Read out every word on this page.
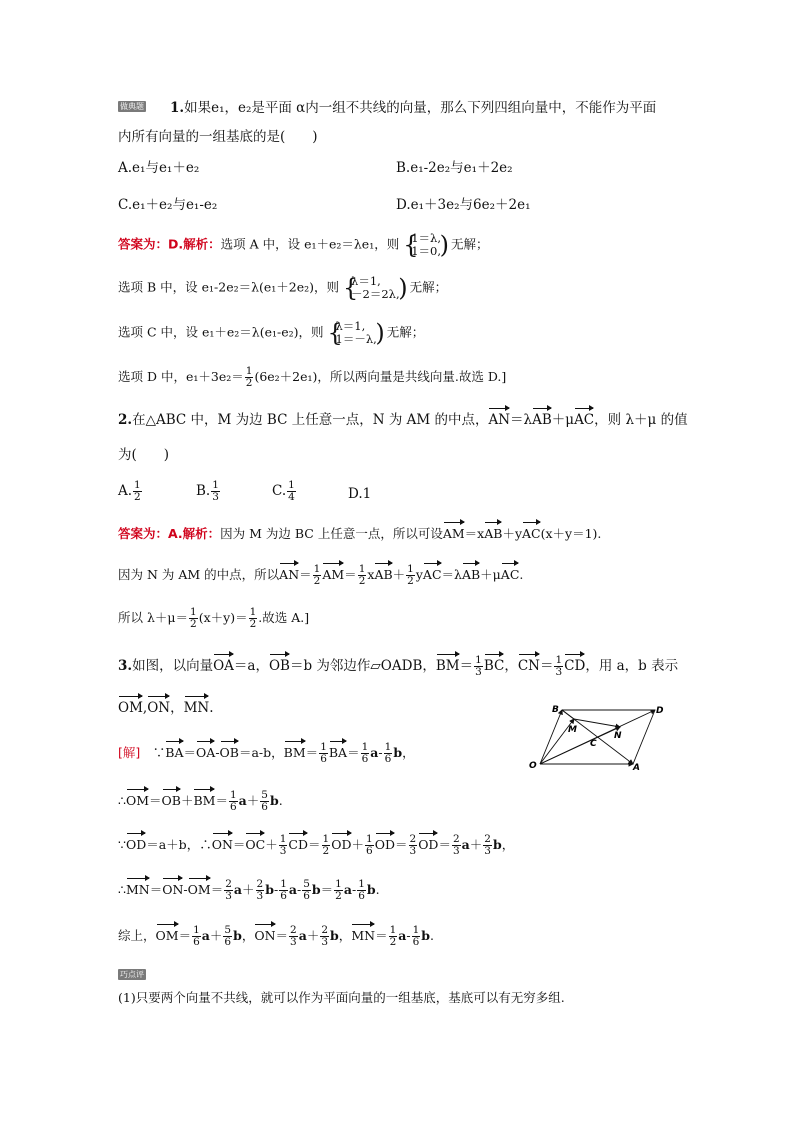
做典题 1.如果e₁，e₂是平面 α内一组不共线的向量，那么下列四组向量中，不能作为平面
内所有向量的一组基底的是(　　)
A.e₁与e₁＋e₂	B.e₁-2e₂与e₁＋2e₂
C.e₁＋e₂与e₁-e₂	D.e₁＋3e₂与6e₂＋2e₁
答案为：D.解析：选项 A 中，设 e₁＋e₂＝λe₁，则 { 1＝λ,
1＝0,
) 无解；
选项 B 中，设 e₁-2e₂＝λ(e₁＋2e₂)，则 { λ＝1,
－2＝2λ,
) 无解；
选项 C 中，设 e₁＋e₂＝λ(e₁-e₂)，则 { λ＝1,
1＝－λ,
) 无解；
选项 D 中，$e_1+3e_2= \frac{1}{2} (6e_2+2e_1)$，所以两向量是共线向量.故选 D.]
2.在△ABC 中，M 为边 BC 上任意一点，N 为 AM 的中点，AN＝λAB＋μAC，则 λ＋μ 的值
为(　　)
A. $\frac{1}{2}$	B. $\frac{1}{3}$	C. $\frac{1}{4}$	D.1
答案为：A.解析：因为 M 为边 BC 上任意一点，所以可设AM＝xAB＋yAC(x＋y＝1).
因为 N 为 AM 的中点，所以$AN= \frac{1}{2} AM= \frac{1}{2} xAB+ \frac{1}{2} yAC=\lambda AB+\mu AC$.
所以 $\lambda+\mu= \frac{1}{2} (x+y)= \frac{1}{2}$ .故选 A.]
3.如图，以向量OA＝a，OB＝b 为邻边作▱OADB，$BM= \frac{1}{3}$ BC，$CN= \frac{1}{3}$ CD，用 a，b 表示
OM,ON，MN.	B	D
M
N
C
O	A
[解]　 ∵BA＝OA-OB＝a-b，$BM= \frac{1}{6} BA= \frac{1}{6} a- \frac{1}{6}$ b，
∴OM＝OB＋BM＝ $\frac{1}{6} a+ \frac{5}{6} b$.
∵OD＝a＋b，∴ON＝OC＋ $\frac{1}{3} CD= \frac{1}{2} OD+ \frac{1}{6} OD= \frac{2}{3} OD= \frac{2}{3} a+ \frac{2}{3}$ b，
∴MN＝ON-OM＝ $\frac{2}{3} a+ \frac{2}{3} b- \frac{1}{6} a- \frac{5}{6} b= \frac{1}{2} a- \frac{1}{6} b$.
综上，$OM= \frac{1}{6} a+ \frac{5}{6}$ b，$ON= \frac{2}{3} a+ \frac{2}{3}$ b，$MN= \frac{1}{2} a- \frac{1}{6} b$.
巧点评
(1)只要两个向量不共线，就可以作为平面向量的一组基底，基底可以有无穷多组.
